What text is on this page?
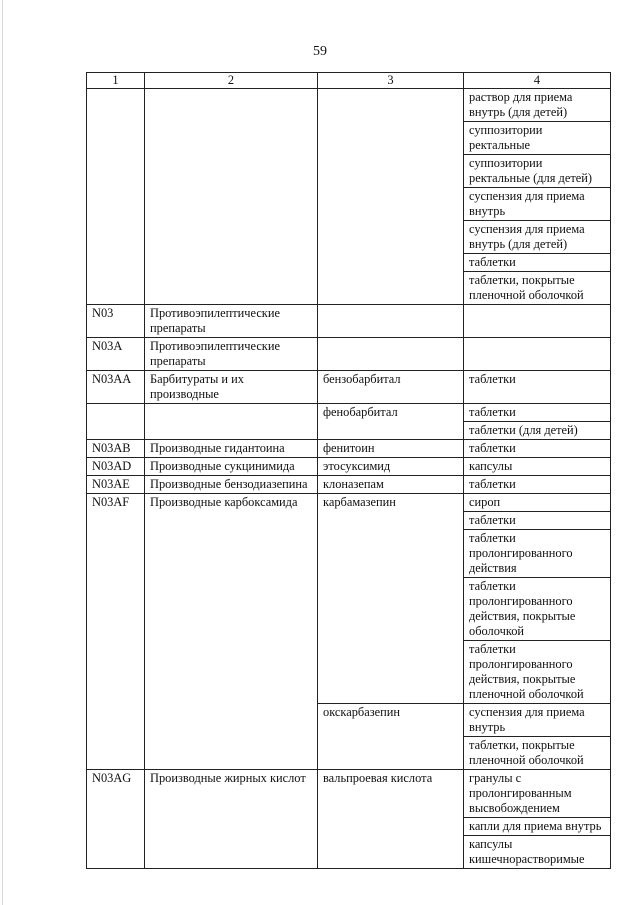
59
1	2	3	4
			раствор для приема внутрь (для детей)
			суппозитории ректальные
			суппозитории ректальные (для детей)
			суспензия для приема внутрь
			суспензия для приема внутрь (для детей)
			таблетки
			таблетки, покрытые пленочной оболочкой
N03	Противоэпилептические препараты		
N03A	Противоэпилептические препараты		
N03AA	Барбитураты и их производные	бензобарбитал	таблетки
		фенобарбитал	таблетки
			таблетки (для детей)
N03AB	Производные гидантоина	фенитоин	таблетки
N03AD	Производные сукцинимида	этосуксимид	капсулы
N03AE	Производные бензодиазепина	клоназепам	таблетки
N03AF	Производные карбоксамида	карбамазепин	сироп
			таблетки
			таблетки пролонгированного действия
			таблетки пролонгированного действия, покрытые оболочкой
			таблетки пролонгированного действия, покрытые пленочной оболочкой
		окскарбазепин	суспензия для приема внутрь
			таблетки, покрытые пленочной оболочкой
N03AG	Производные жирных кислот	вальпроевая кислота	гранулы с пролонгированным высвобождением
			капли для приема внутрь
			капсулы кишечнорастворимые
